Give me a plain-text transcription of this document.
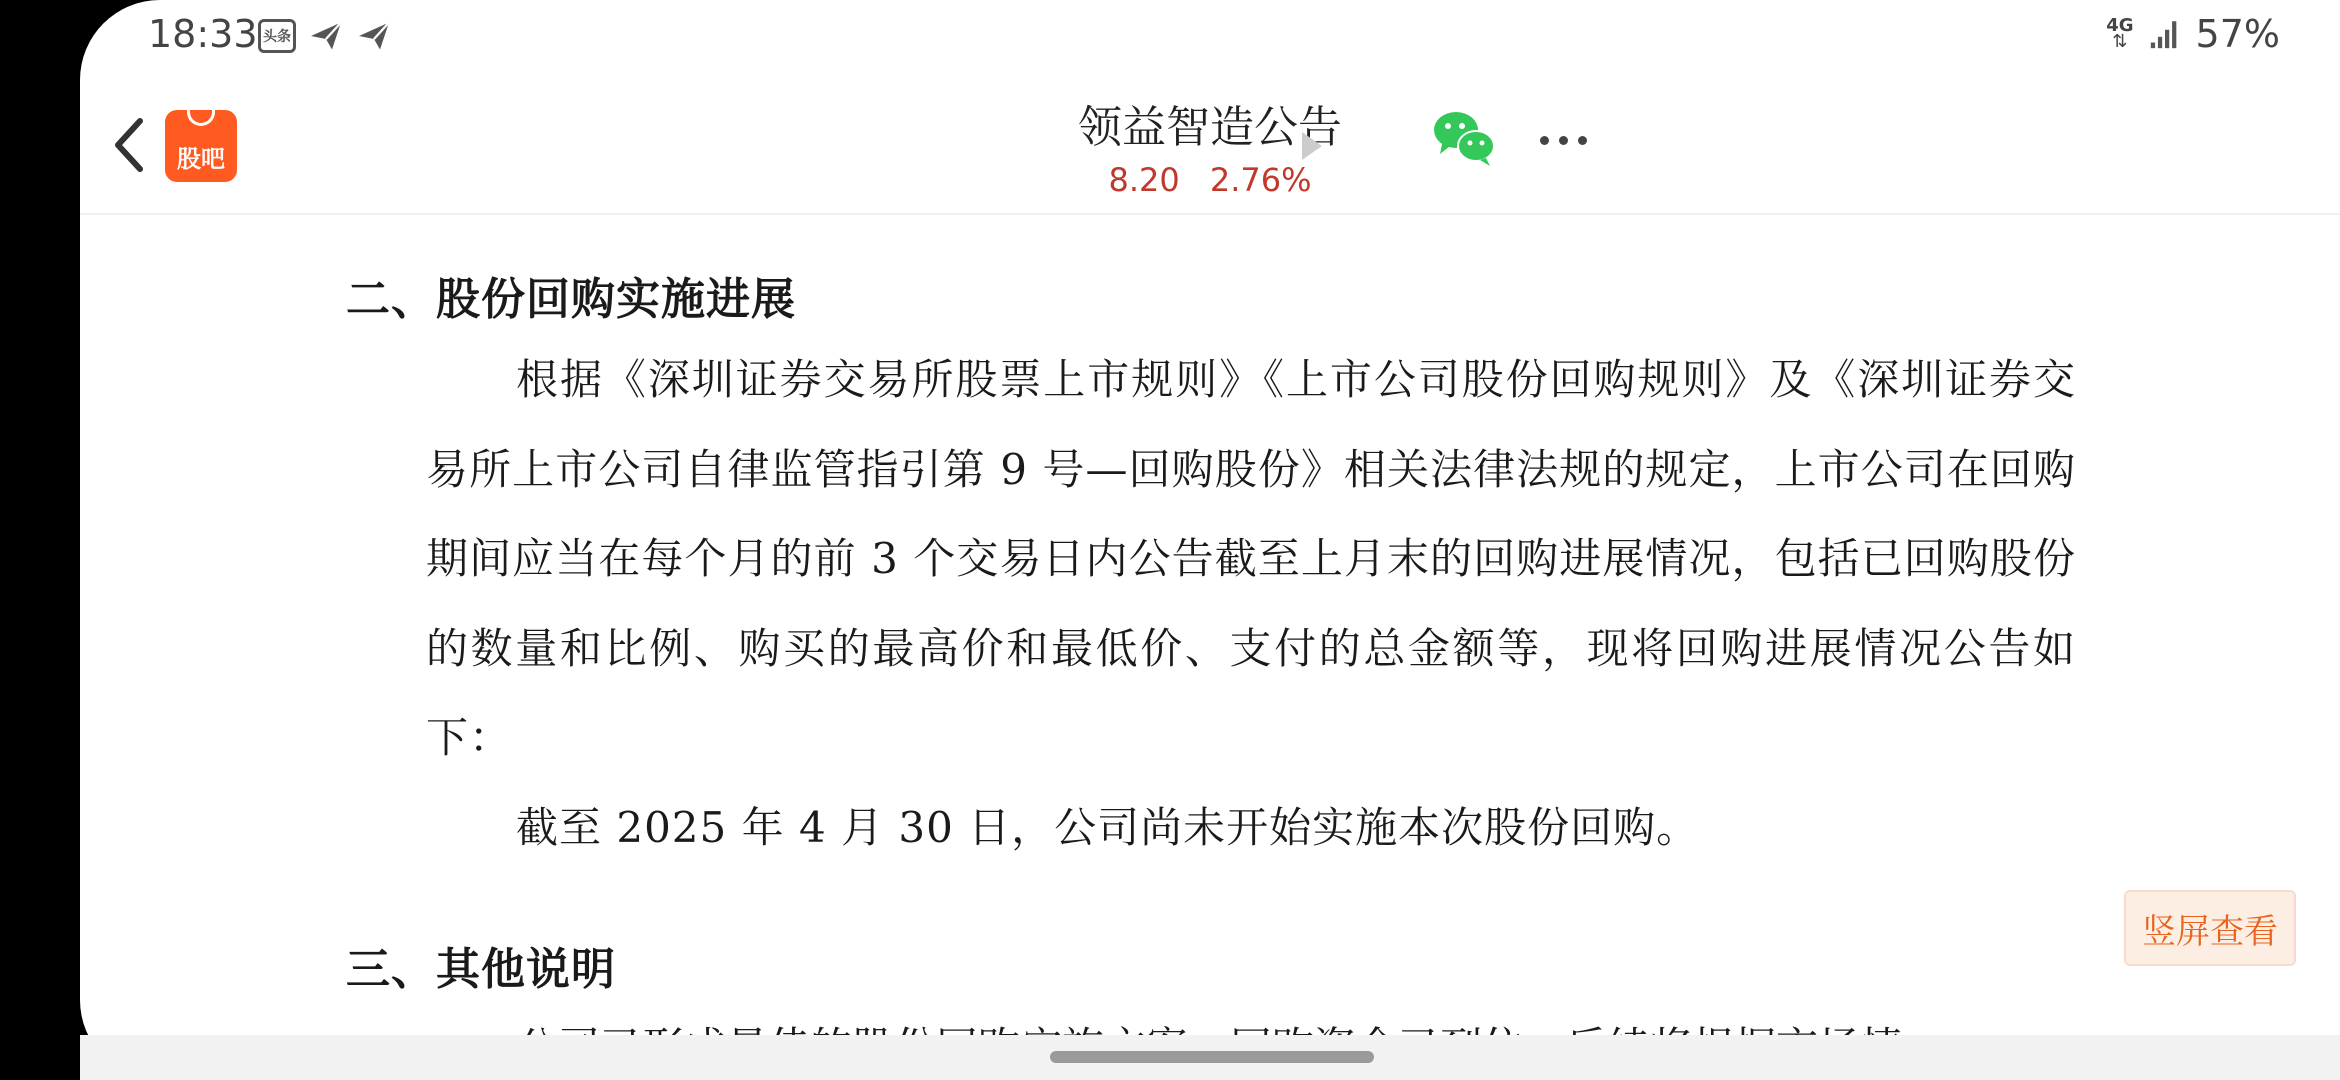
18:33 头条
4G
⇅ 57%
股吧
领益智造公告
8.20 2.76%
二、股份回购实施进展
根据《深圳证券交易所股票上市规则》《上市公司股份回购规则》及《深圳证券交易所上市公司自律监管指引第 9 号—回购股份》相关法律法规的规定，上市公司在回购期间应当在每个月的前 3 个交易日内公告截至上月末的回购进展情况，包括已回购股份的数量和比例、购买的最高价和最低价、支付的总金额等，现将回购进展情况公告如下：
截至 2025 年 4 月 30 日，公司尚未开始实施本次股份回购。
三、其他说明
竖屏查看
